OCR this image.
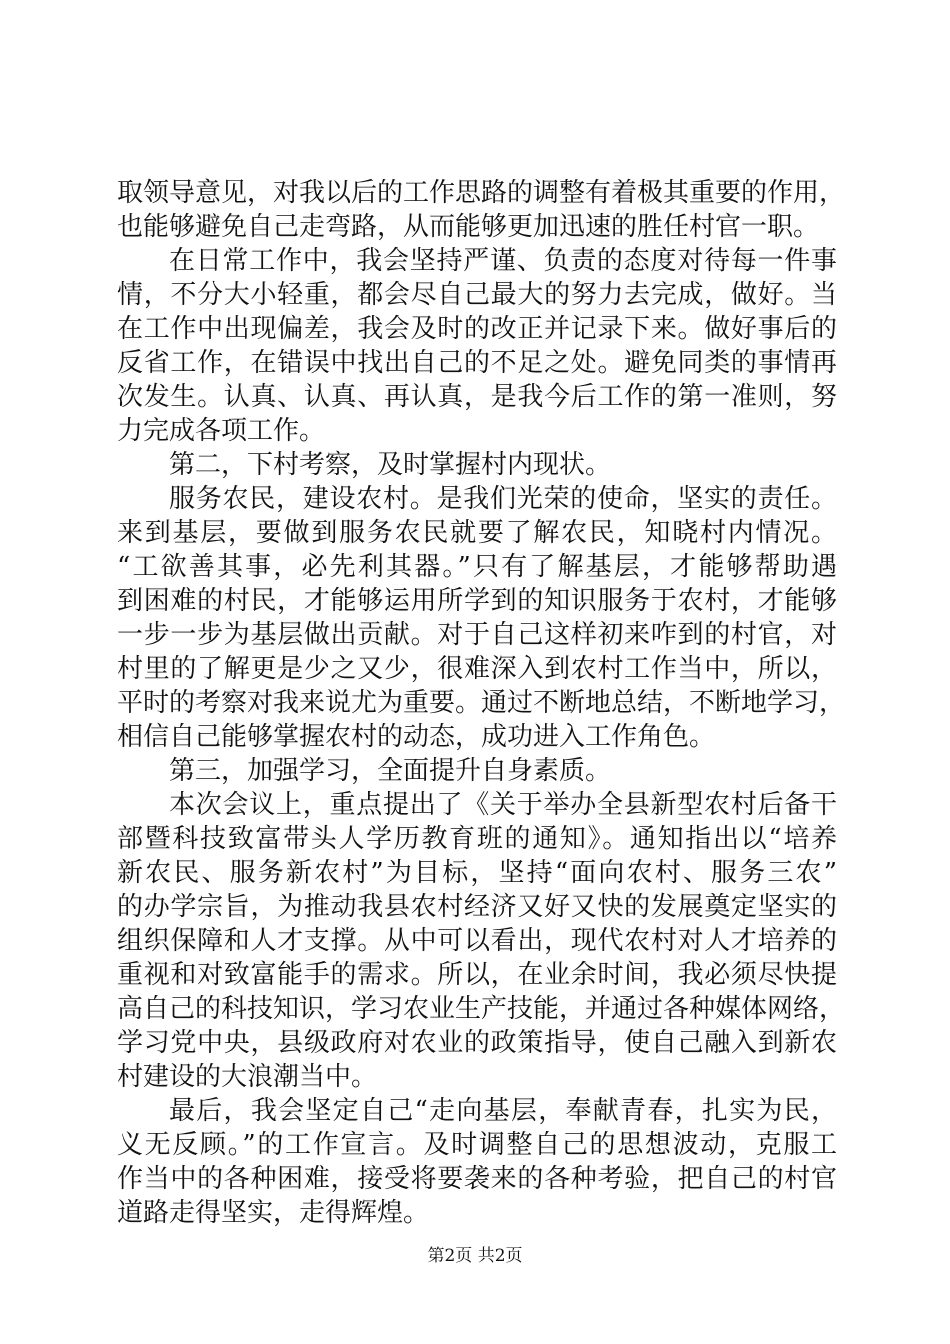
取领导意见，对我以后的工作思路的调整有着极其重要的作用，
也能够避免自己走弯路，从而能够更加迅速的胜任村官一职。
在日常工作中，我会坚持严谨、负责的态度对待每一件事
情，不分大小轻重，都会尽自己最大的努力去完成，做好。当
在工作中出现偏差，我会及时的改正并记录下来。做好事后的
反省工作，在错误中找出自己的不足之处。避免同类的事情再
次发生。认真、认真、再认真，是我今后工作的第一准则，努
力完成各项工作。
第二，下村考察，及时掌握村内现状。
服务农民，建设农村。是我们光荣的使命，坚实的责任。
来到基层，要做到服务农民就要了解农民，知晓村内情况。
“工欲善其事，必先利其器。”只有了解基层，才能够帮助遇
到困难的村民，才能够运用所学到的知识服务于农村，才能够
一步一步为基层做出贡献。对于自己这样初来咋到的村官，对
村里的了解更是少之又少，很难深入到农村工作当中，所以，
平时的考察对我来说尤为重要。通过不断地总结，不断地学习，
相信自己能够掌握农村的动态，成功进入工作角色。
第三，加强学习，全面提升自身素质。
本次会议上，重点提出了《关于举办全县新型农村后备干
部暨科技致富带头人学历教育班的通知》。通知指出以“培养
新农民、服务新农村”为目标，坚持“面向农村、服务三农”
的办学宗旨，为推动我县农村经济又好又快的发展奠定坚实的
组织保障和人才支撑。从中可以看出，现代农村对人才培养的
重视和对致富能手的需求。所以，在业余时间，我必须尽快提
高自己的科技知识，学习农业生产技能，并通过各种媒体网络，
学习党中央，县级政府对农业的政策指导，使自己融入到新农
村建设的大浪潮当中。
最后，我会坚定自己“走向基层，奉献青春，扎实为民，
义无反顾。”的工作宣言。及时调整自己的思想波动，克服工
作当中的各种困难，接受将要袭来的各种考验，把自己的村官
道路走得坚实，走得辉煌。
第2页 共2页
